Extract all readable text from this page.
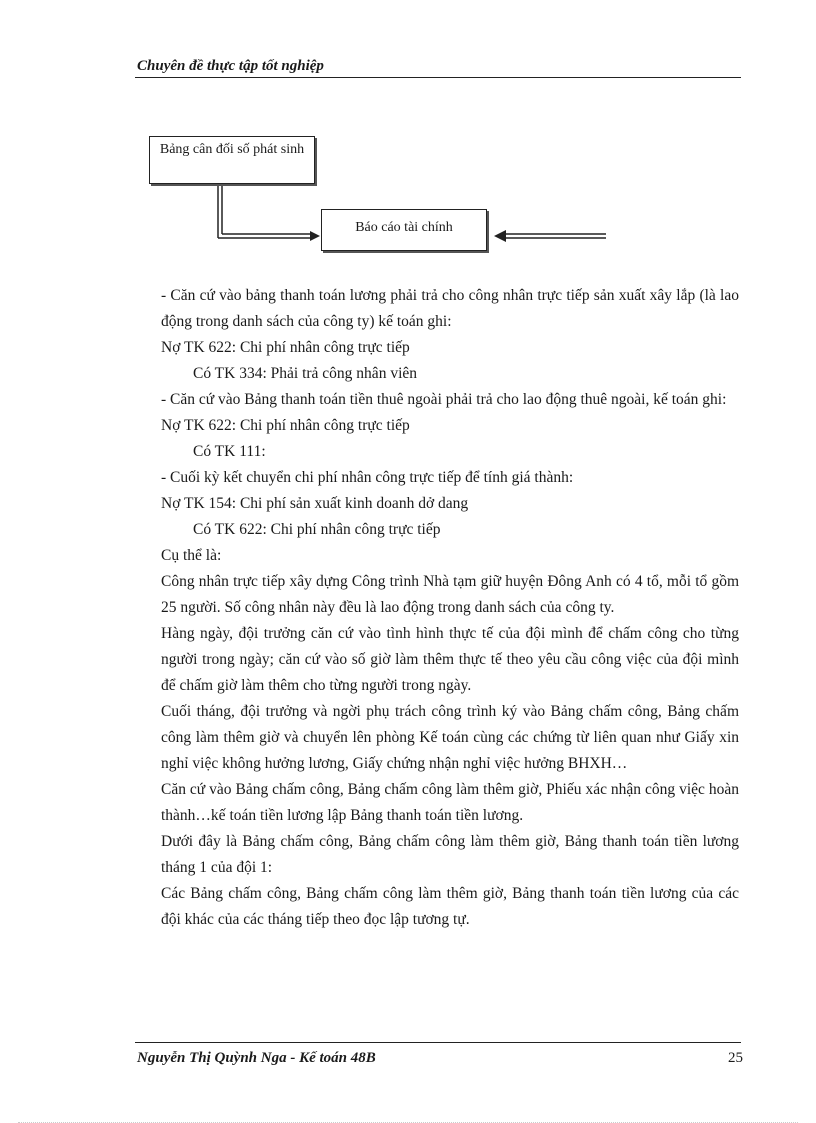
Chuyên đề thực tập tốt nghiệp
Bảng cân đối số phát sinh
Báo cáo tài chính

- Căn cứ vào bảng thanh toán lương phải trả cho công nhân trực tiếp sản xuất xây lắp (là lao động trong danh sách của công ty) kế toán ghi:

Nợ TK 622: Chi phí nhân công trực tiếp

Có TK 334: Phải trả công nhân viên

- Căn cứ vào Bảng thanh toán tiền thuê ngoài phải trả cho lao động thuê ngoài, kế toán ghi:

Nợ TK 622: Chi phí nhân công trực tiếp

Có TK 111:

- Cuối kỳ kết chuyển chi phí nhân công trực tiếp để tính giá thành:

Nợ TK 154: Chi phí sản xuất kinh doanh dở dang

Có TK 622: Chi phí nhân công trực tiếp

Cụ thể là:

Công nhân trực tiếp xây dựng Công trình Nhà tạm giữ huyện Đông Anh có 4 tổ, mỗi tổ gồm 25 người. Số công nhân này đều là lao động trong danh sách của công ty.

Hàng ngày, đội trưởng căn cứ vào tình hình thực tế của đội mình để chấm công cho từng người trong ngày; căn cứ vào số giờ làm thêm thực tế theo yêu cầu công việc của đội mình để chấm giờ làm thêm cho từng người trong ngày.

Cuối tháng, đội trưởng và ngời phụ trách công trình ký vào Bảng chấm công, Bảng chấm công làm thêm giờ và chuyển lên phòng Kế toán cùng các chứng từ liên quan như Giấy xin nghỉ việc không hưởng lương, Giấy chứng nhận nghỉ việc hưởng BHXH…

Căn cứ vào Bảng chấm công, Bảng chấm công làm thêm giờ, Phiếu xác nhận công việc hoàn thành…kế toán tiền lương lập Bảng thanh toán tiền lương.

Dưới đây là Bảng chấm công, Bảng chấm công làm thêm giờ, Bảng thanh toán tiền lương tháng 1 của đội 1:

Các Bảng chấm công, Bảng chấm công làm thêm giờ, Bảng thanh toán tiền lương của các đội khác của các tháng tiếp theo đọc lập tương tự.

Nguyễn Thị Quỳnh Nga - Kế toán 48B	25
